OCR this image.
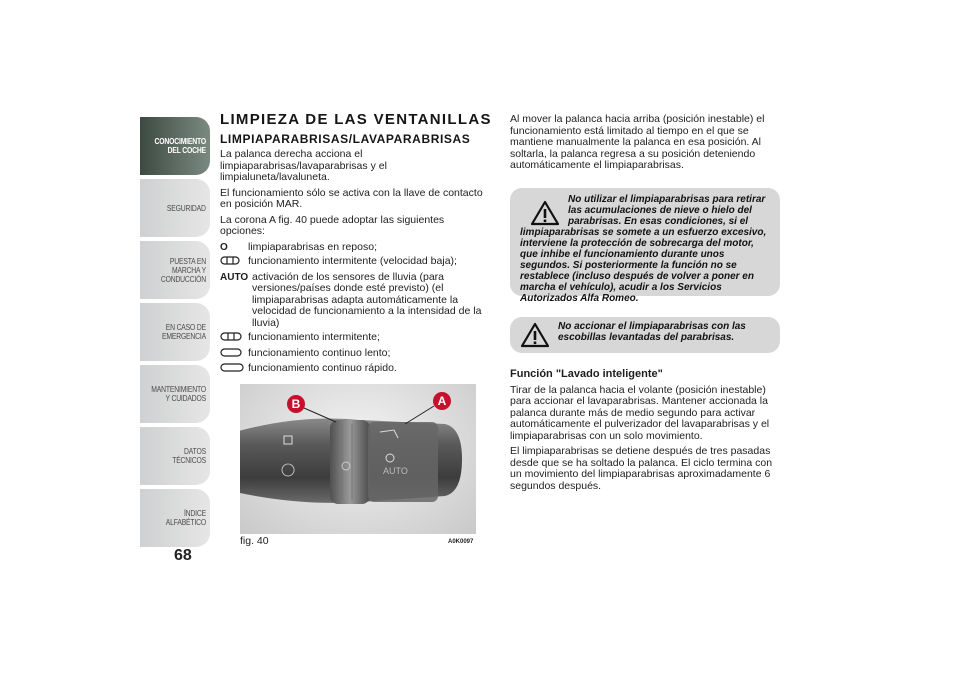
CONOCIMIENTO DEL COCHE
SEGURIDAD
PUESTA EN MARCHA Y CONDUCCIÓN
EN CASO DE EMERGENCIA
MANTENIMIENTO Y CUIDADOS
DATOS TÉCNICOS
ÍNDICE ALFABÉTICO
68
LIMPIEZA DE LAS VENTANILLAS
LIMPIAPARABRISAS/LAVAPARABRISAS

La palanca derecha acciona el limpiaparabrisas/lavaparabrisas y el limpialuneta/lavaluneta.

El funcionamiento sólo se activa con la llave de contacto en posición MAR.

La corona A fig. 40 puede adoptar las siguientes opciones:

O	limpiaparabrisas en reposo;
funcionamiento intermitente (velocidad baja);
AUTO activación de los sensores de lluvia (para versiones/países donde esté previsto) (el limpiaparabrisas adapta automáticamente la velocidad de funcionamiento a la intensidad de la lluvia)
funcionamiento intermitente;
funcionamiento continuo lento;
funcionamiento continuo rápido.
AUTO
B	A
fig. 40	A0K0097

Al mover la palanca hacia arriba (posición inestable) el funcionamiento está limitado al tiempo en el que se mantiene manualmente la palanca en esa posición. Al soltarla, la palanca regresa a su posición deteniendo automáticamente el limpiaparabrisas.

No utilizar el limpiaparabrisas para retirar las acumulaciones de nieve o hielo del parabrisas. En esas condiciones, si el limpiaparabrisas se somete a un esfuerzo excesivo, interviene la protección de sobrecarga del motor, que inhibe el funcionamiento durante unos segundos. Si posteriormente la función no se restablece (incluso después de volver a poner en marcha el vehículo), acudir a los Servicios Autorizados Alfa Romeo.
No accionar el limpiaparabrisas con las escobillas levantadas del parabrisas.
Función "Lavado inteligente"

Tirar de la palanca hacia el volante (posición inestable) para accionar el lavaparabrisas. Mantener accionada la palanca durante más de medio segundo para activar automáticamente el pulverizador del lavaparabrisas y el limpiaparabrisas con un solo movimiento.

El limpiaparabrisas se detiene después de tres pasadas desde que se ha soltado la palanca. El ciclo termina con un movimiento del limpiaparabrisas aproximadamente 6 segundos después.
